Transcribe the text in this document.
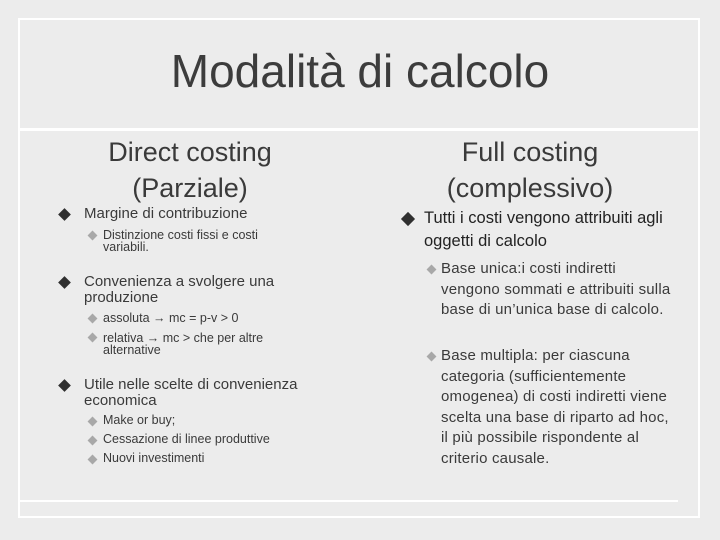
Modalità di calcolo
Direct costing
(Parziale)
Full costing
(complessivo)
Margine di contribuzione
Distinzione costi fissi e costi variabili.
Convenienza a svolgere una produzione
assoluta → mc = p-v > 0
relativa → mc > che per altre alternative
Utile nelle scelte di convenienza economica
Make or buy;
Cessazione di linee produttive
Nuovi investimenti
Tutti i costi vengono attribuiti agli oggetti di calcolo
Base unica:i costi indiretti vengono sommati e attribuiti sulla base di un’unica base di calcolo.
Base multipla: per ciascuna categoria (sufficientemente omogenea) di costi indiretti viene scelta una base di riparto ad hoc, il più possibile rispondente al criterio causale.
